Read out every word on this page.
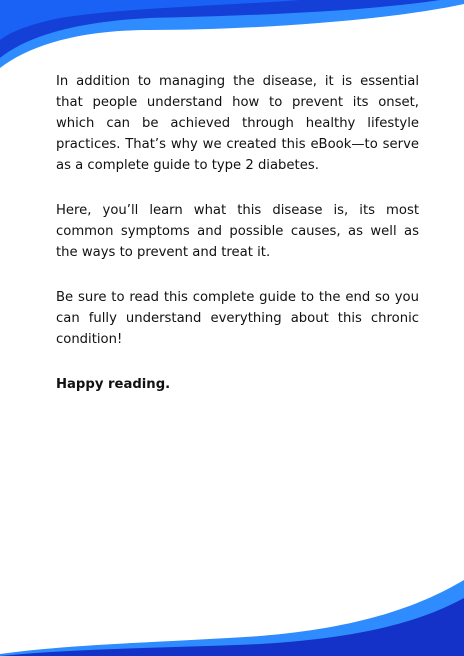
In addition to managing the disease, it is essential that people understand how to prevent its onset, which can be achieved through healthy lifestyle practices. That’s why we created this eBook—to serve as a complete guide to type 2 diabetes.

Here, you’ll learn what this disease is, its most common symptoms and possible causes, as well as the ways to prevent and treat it.

Be sure to read this complete guide to the end so you can fully understand everything about this chronic condition!

Happy reading.
